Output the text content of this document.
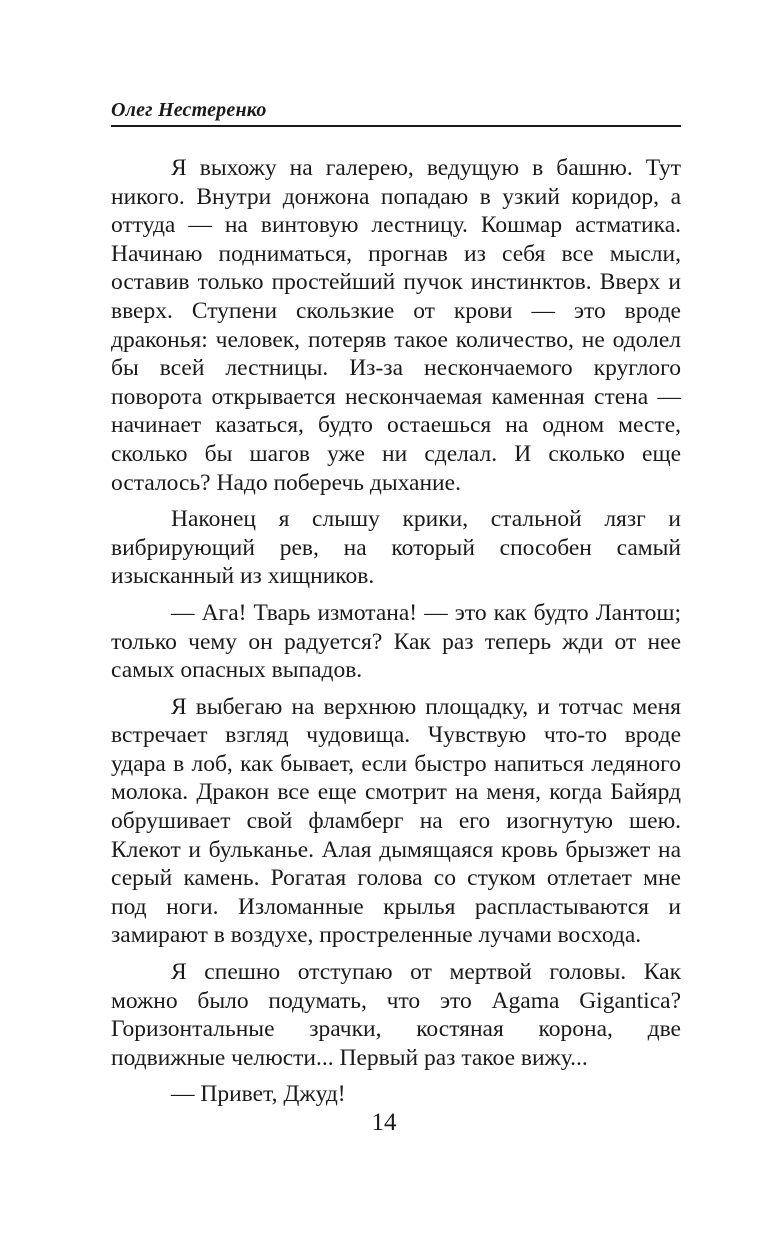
Олег Нестеренко

Я выхожу на галерею, ведущую в башню. Тут никого. Внутри донжона попадаю в узкий коридор, а оттуда — на винтовую лестницу. Кошмар астматика. Начинаю подниматься, прогнав из себя все мысли, оставив только простейший пучок инстинктов. Вверх и вверх. Ступени скользкие от крови — это вроде драконья: человек, потеряв такое количество, не одолел бы всей лестницы. Из-за нескончаемого круглого поворота открывается нескончаемая каменная стена — начинает казаться, будто остаешься на одном месте, сколько бы шагов уже ни сделал. И сколько еще осталось? Надо поберечь дыхание.

Наконец я слышу крики, стальной лязг и вибрирующий рев, на который способен самый изысканный из хищников.

— Ага! Тварь измотана! — это как будто Лантош; только чему он радуется? Как раз теперь жди от нее самых опасных выпадов.

Я выбегаю на верхнюю площадку, и тотчас меня встречает взгляд чудовища. Чувствую что-то вроде удара в лоб, как бывает, если быстро напиться ледяного молока. Дракон все еще смотрит на меня, когда Байярд обрушивает свой фламберг на его изогнутую шею. Клекот и бульканье. Алая дымящаяся кровь брызжет на серый камень. Рогатая голова со стуком отлетает мне под ноги. Изломанные крылья распластываются и замирают в воздухе, простреленные лучами восхода.

Я спешно отступаю от мертвой головы. Как можно было подумать, что это Agama Gigantica? Горизонтальные зрачки, костяная корона, две подвижные челюсти... Первый раз такое вижу...

— Привет, Джуд!

14
